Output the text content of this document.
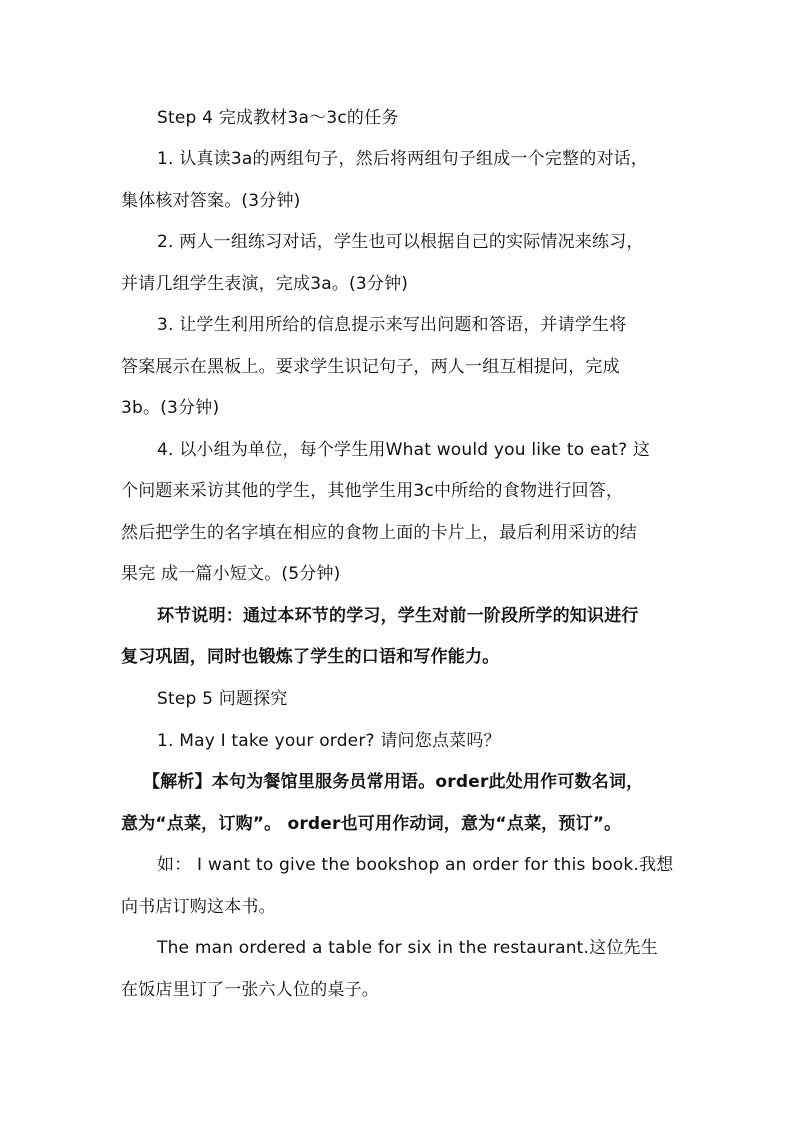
Step 4 完成教材3a～3c的任务
1. 认真读3a的两组句子，然后将两组句子组成一个完整的对话，
集体核对答案。(3分钟)
2. 两人一组练习对话，学生也可以根据自己的实际情况来练习，
并请几组学生表演，完成3a。(3分钟)
3. 让学生利用所给的信息提示来写出问题和答语，并请学生将
答案展示在黑板上。要求学生识记句子，两人一组互相提问，完成
3b。(3分钟)
4. 以小组为单位，每个学生用What would you like to eat? 这
个问题来采访其他的学生，其他学生用3c中所给的食物进行回答，
然后把学生的名字填在相应的食物上面的卡片上，最后利用采访的结
果完 成一篇小短文。(5分钟)
环节说明：通过本环节的学习，学生对前一阶段所学的知识进行
复习巩固，同时也锻炼了学生的口语和写作能力。
Step 5 问题探究
1. May I take your order? 请问您点菜吗？
【解析】本句为餐馆里服务员常用语。order此处用作可数名词，
意为“点菜，订购”。 order也可用作动词，意为“点菜，预订”。
如： I want to give the bookshop an order for this book.我想
向书店订购这本书。
The man ordered a table for six in the restaurant.这位先生
在饭店里订了一张六人位的桌子。
